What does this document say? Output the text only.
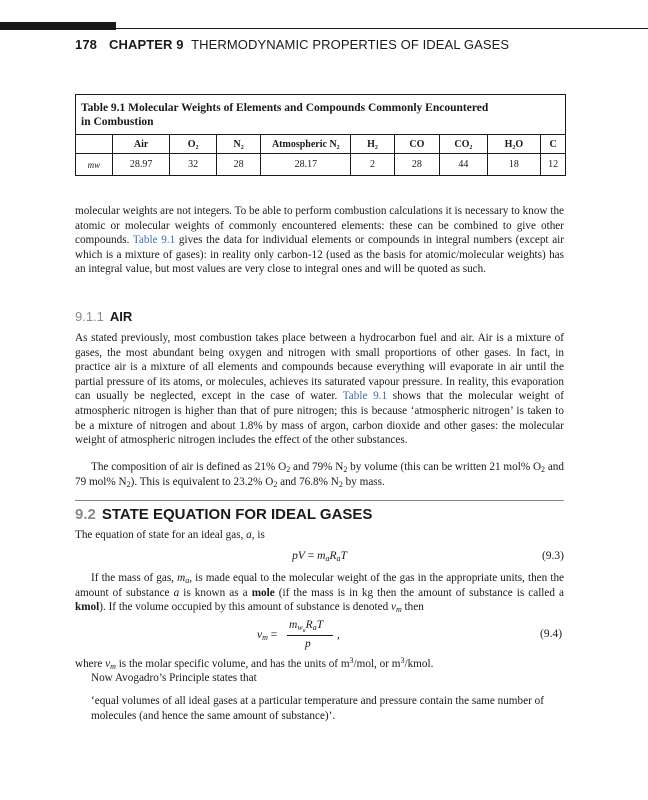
178 CHAPTER 9 THERMODYNAMIC PROPERTIES OF IDEAL GASES
Table 9.1 Molecular Weights of Elements and Compounds Commonly Encountered
in Combustion
	Air	O₂	N₂	Atmospheric N₂	H₂	CO	CO₂	H₂O	C
mw	28.97	32	28	28.17	2	28	44	18	12

molecular weights are not integers. To be able to perform combustion calculations it is necessary to know the atomic or molecular weights of commonly encountered elements: these can be combined to give other compounds. Table 9.1 gives the data for individual elements or compounds in integral numbers (except air which is a mixture of gases): in reality only carbon-12 (used as the basis for atomic/molecular weights) has an integral value, but most values are very close to integral ones and will be quoted as such.

9.1.1 AIR

As stated previously, most combustion takes place between a hydrocarbon fuel and air. Air is a mixture of gases, the most abundant being oxygen and nitrogen with small proportions of other gases. In fact, in practice air is a mixture of all elements and compounds because everything will evaporate in air until the partial pressure of its atoms, or molecules, achieves its saturated vapour pressure. In reality, this evaporation can usually be neglected, except in the case of water. Table 9.1 shows that the molecular weight of atmospheric nitrogen is higher than that of pure nitrogen; this is because ‘atmospheric nitrogen’ is taken to be a mixture of nitrogen and about 1.8% by mass of argon, carbon dioxide and other gases: the molecular weight of atmospheric nitrogen includes the effect of the other substances.

The composition of air is defined as 21% $O_2$ and 79% $N_2$ by volume (this can be written 21 mol% $O_2$ and 79 mol% $N_2$). This is equivalent to 23.2% $O_2$ and 76.8% $N_2$ by mass.

9.2 STATE EQUATION FOR IDEAL GASES

The equation of state for an ideal gas, a, is

pV = $m_aR_aT$	(9.3)

If the mass of gas, $m_a$, is made equal to the molecular weight of the gas in the appropriate units, then the amount of substance a is known as a mole (if the mass is in kg then the amount of substance is called a kmol). If the volume occupied by this amount of substance is denoted $v_m$ then

$v_m$ =
$m_{w_a}R_aT$
p
,	(9.4)

where $v_m$ is the molar specific volume, and has the units of $m^3$/mol, or $m^3$/kmol.

Now Avogadro’s Principle states that

‘equal volumes of all ideal gases at a particular temperature and pressure contain the same number of molecules (and hence the same amount of substance)’.
